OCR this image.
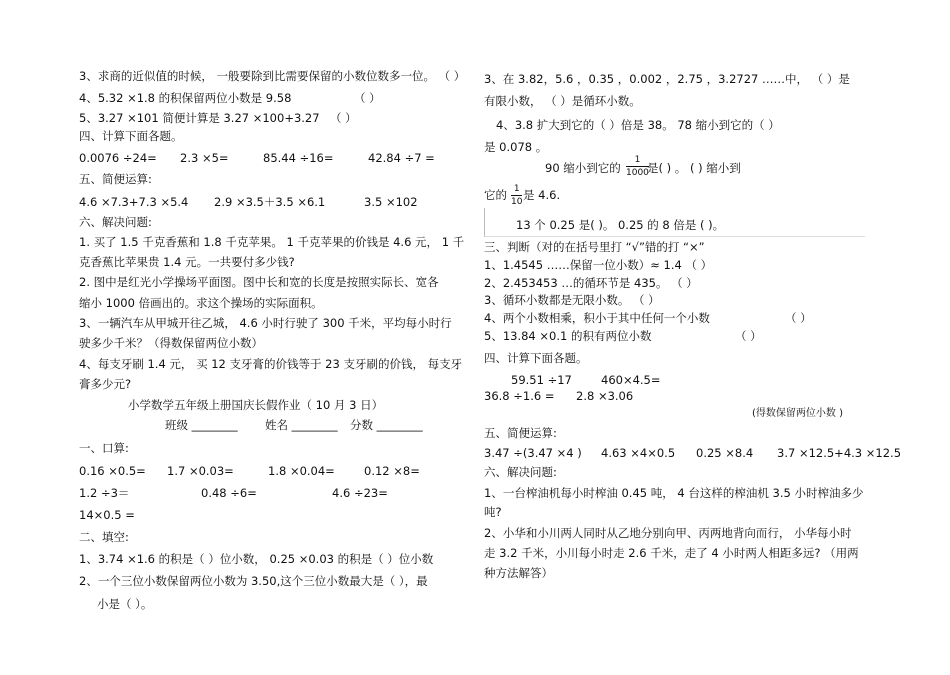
3、求商的近似值的时候， 一般要除到比需要保留的小数位数多一位。 （ ）
4、5.32 ×1.8 的积保留两位小数是 9.58	（ ）
5、3.27 ×101 简便计算是 3.27 ×100+3.27 （ ）
四、计算下面各题。
0.0076 ÷24= 2.3 ×5=	85.44 ÷16=	42.84 ÷7 =
五、简便运算:
4.6 ×7.3+7.3 ×5.4 2.9 ×3.5＋3.5 ×6.1	3.5 ×102
六、解决问题:
1. 买了 1.5 千克香蕉和 1.8 千克苹果。 1 千克苹果的价钱是 4.6 元， 1 千
克香蕉比苹果贵 1.4 元。一共要付多少钱?
2. 图中是红光小学操场平面图。图中长和宽的长度是按照实际长、宽各
缩小 1000 倍画出的。求这个操场的实际面积。
3、一辆汽车从甲城开往乙城， 4.6 小时行驶了 300 千米，平均每小时行
驶多少千米？（得数保留两位小数）
4、每支牙刷 1.4 元， 买 12 支牙膏的价钱等于 23 支牙刷的价钱， 每支牙
膏多少元?
小学数学五年级上册国庆长假作业（ 10 月 3 日）
班级 ________ 姓名 ________ 分数 ________
一、口算:
0.16 ×0.5= 1.7 ×0.03=	1.8 ×0.04=	0.12 ×8=
1.2 ÷3＝	0.48 ÷6=	4.6 ÷23=
14×0.5 =
二、填空:
1、3.74 ×1.6 的积是（ ）位小数， 0.25 ×0.03 的积是（ ）位小数
2、一个三位小数保留两位小数为 3.50,这个三位小数最大是（ ），最
小是（ ）。
3、在 3.82，5.6 ，0.35 ，0.002 ，2.75 ，3.2727 ……中， （ ）是
有限小数， （ ）是循环小数。
4、3.8 扩大到它的（ ）倍是 38。 78 缩小到它的（ ）
是 0.078 。
90 缩小到它的 是( ) 。 ( ) 缩小到
它的 是 4.6.
13 个 0.25 是( )。 0.25 的 8 倍是 ( )。
三、判断（对的在括号里打 “√”错的打 “×”
1、1.4545 ……保留一位小数）≈ 1.4 （ ）
2、2.453453 …的循环节是 435。 （ ）
3、循环小数都是无限小数。 （ ）
4、两个小数相乘，积小于其中任何一个小数	（ ）
5、13.84 ×0.1 的积有两位小数	（ ）
四、计算下面各题。
59.51 ÷17	460×4.5=
36.8 ÷1.6 = 2.8 ×3.06
(得数保留两位小数 )
五、简便运算:
3.47 ÷(3.47 ×4 ) 4.63 ×4×0.5 0.25 ×8.4 3.7 ×12.5+4.3 ×12.5
六、解决问题:
1、一台榨油机每小时榨油 0.45 吨， 4 台这样的榨油机 3.5 小时榨油多少
吨?
2、小华和小川两人同时从乙地分别向甲、丙两地背向而行， 小华每小时
走 3.2 千米，小川每小时走 2.6 千米，走了 4 小时两人相距多远? （用两
种方法解答）
1
1000
1
10
